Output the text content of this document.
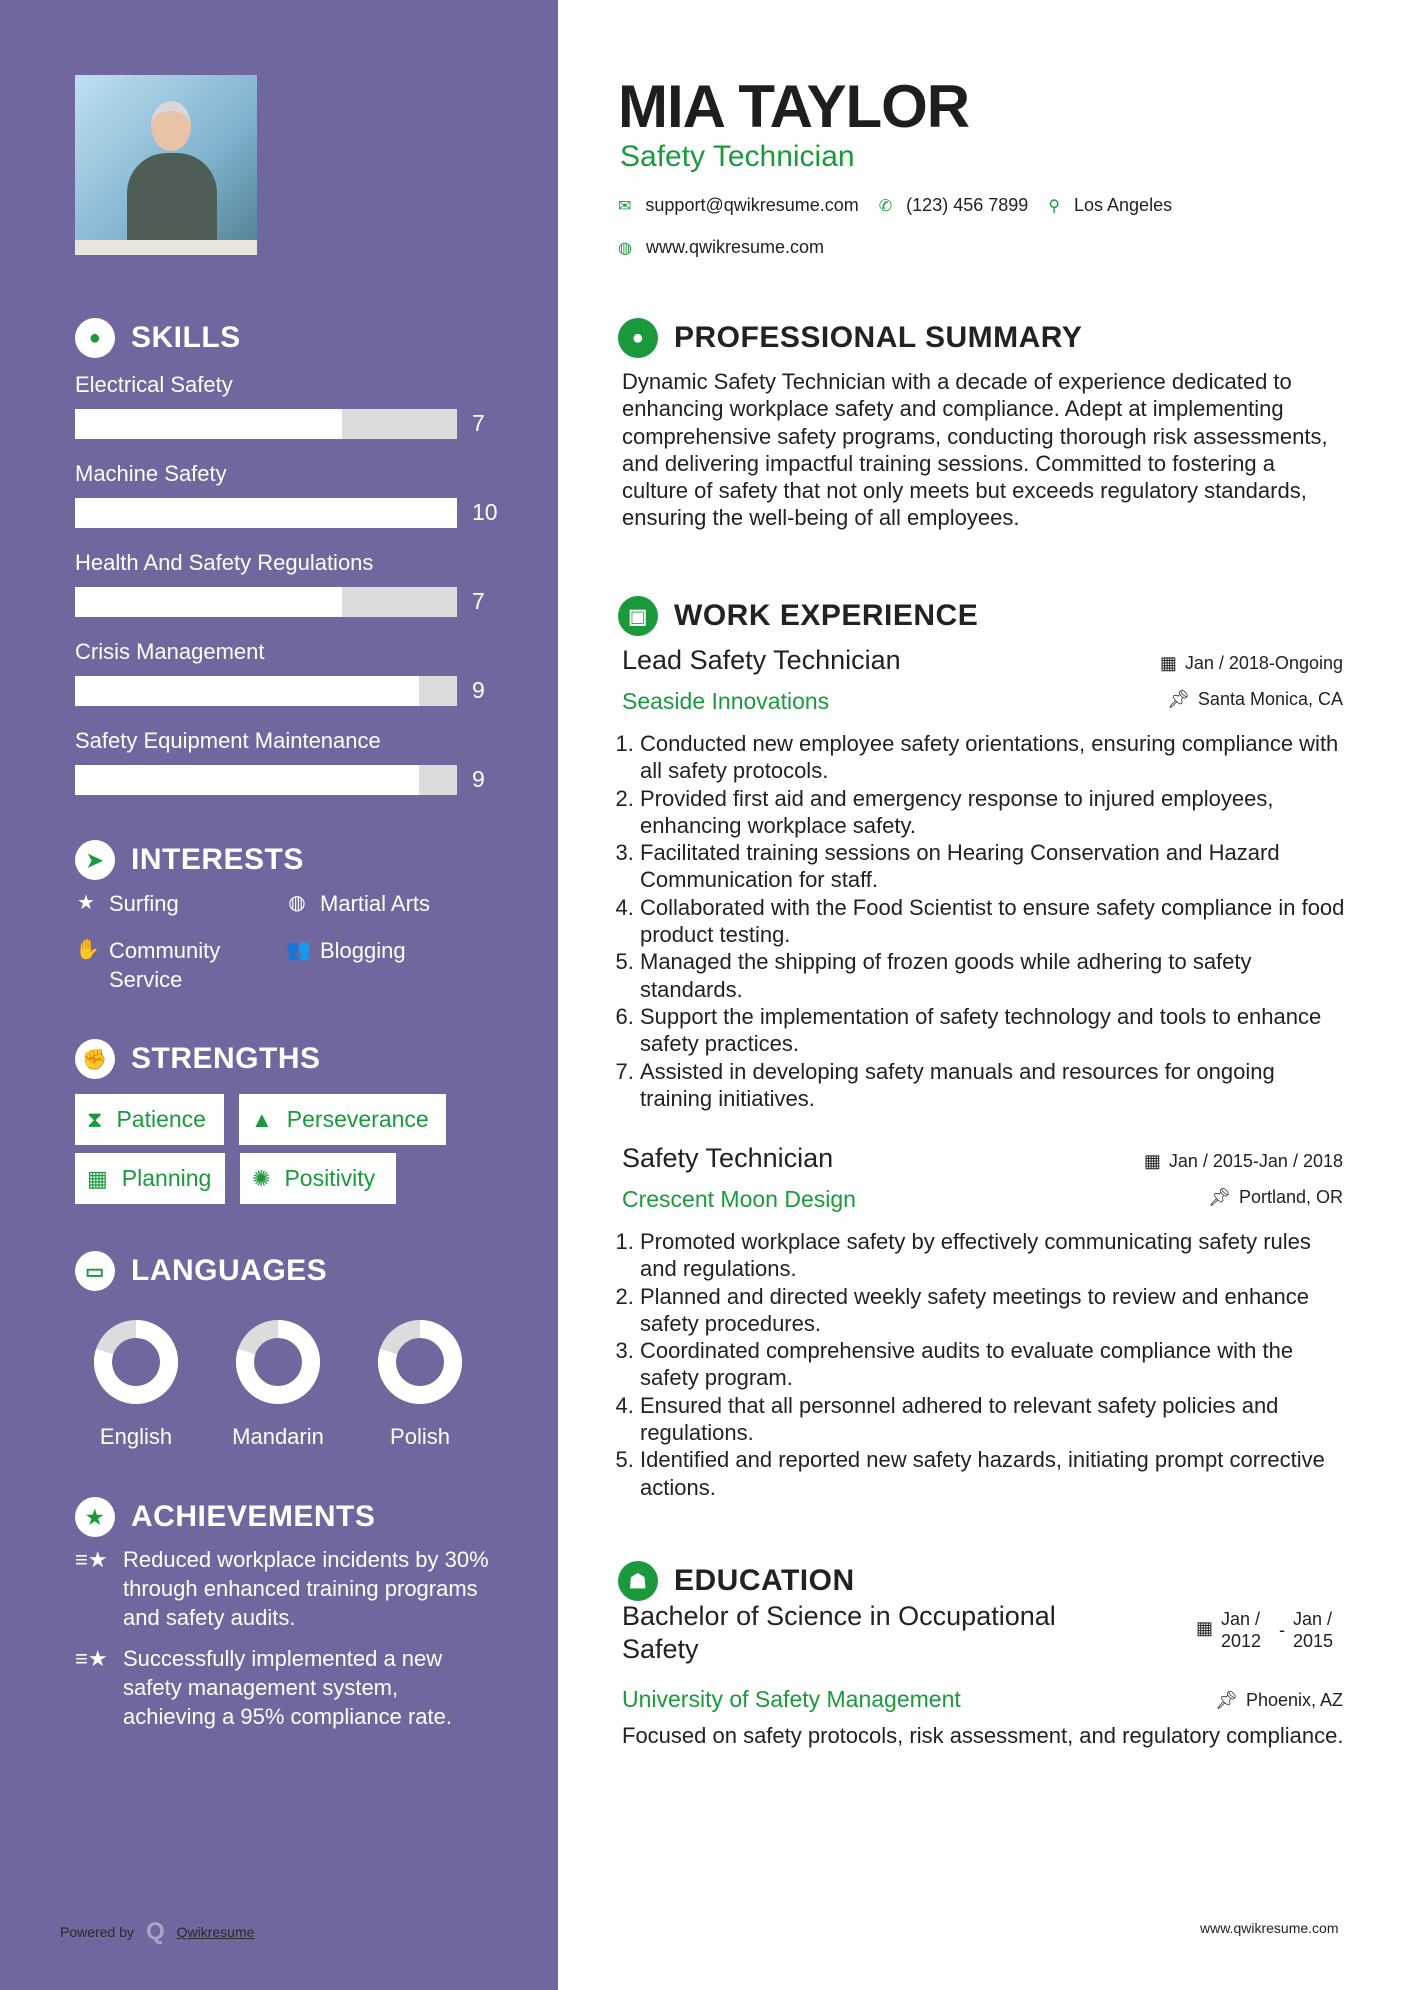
● SKILLS
Electrical Safety
7
Machine Safety
10
Health And Safety Regulations
7
Crisis Management
9
Safety Equipment Maintenance
9
➤ INTERESTS
★ Surfing	◍ Martial Arts
✋ Community Service
👥 Blogging
✊ STRENGTHS
⧗ Patience ▲ Perseverance
▦ Planning ✺ Positivity
▭ LANGUAGES
English	Mandarin	Polish
★ ACHIEVEMENTS
≡★ Reduced workplace incidents by 30% through enhanced training programs and safety audits.
≡★ Successfully implemented a new safety management system, achieving a 95% compliance rate.
Powered by Q Qwikresume
MIA TAYLOR
Safety Technician
✉ support@qwikresume.com ✆ (123) 456 7899 ⚲ Los Angeles
◍ www.qwikresume.com
● PROFESSIONAL SUMMARY
Dynamic Safety Technician with a decade of experience dedicated to enhancing workplace safety and compliance. Adept at implementing comprehensive safety programs, conducting thorough risk assessments, and delivering impactful training sessions. Committed to fostering a culture of safety that not only meets but exceeds regulatory standards, ensuring the well-being of all employees.
▣ WORK EXPERIENCE
Lead Safety Technician	▦ Jan / 2018-Ongoing
Seaside Innovations	📌︎ Santa Monica, CA
1. Conducted new employee safety orientations, ensuring compliance with all safety protocols.
2. Provided first aid and emergency response to injured employees, enhancing workplace safety.
3. Facilitated training sessions on Hearing Conservation and Hazard Communication for staff.
4. Collaborated with the Food Scientist to ensure safety compliance in food product testing.
5. Managed the shipping of frozen goods while adhering to safety standards.
6. Support the implementation of safety technology and tools to enhance safety practices.
7. Assisted in developing safety manuals and resources for ongoing training initiatives.
Safety Technician	▦ Jan / 2015-Jan / 2018
Crescent Moon Design	📌︎ Portland, OR
1. Promoted workplace safety by effectively communicating safety rules and regulations.
2. Planned and directed weekly safety meetings to review and enhance safety procedures.
3. Coordinated comprehensive audits to evaluate compliance with the safety program.
4. Ensured that all personnel adhered to relevant safety policies and regulations.
5. Identified and reported new safety hazards, initiating prompt corrective actions.
☗ EDUCATION
Bachelor of Science in Occupational Safety
▦ Jan / 2012
-
Jan / 2015
University of Safety Management	📌︎ Phoenix, AZ
Focused on safety protocols, risk assessment, and regulatory compliance.
www.qwikresume.com
